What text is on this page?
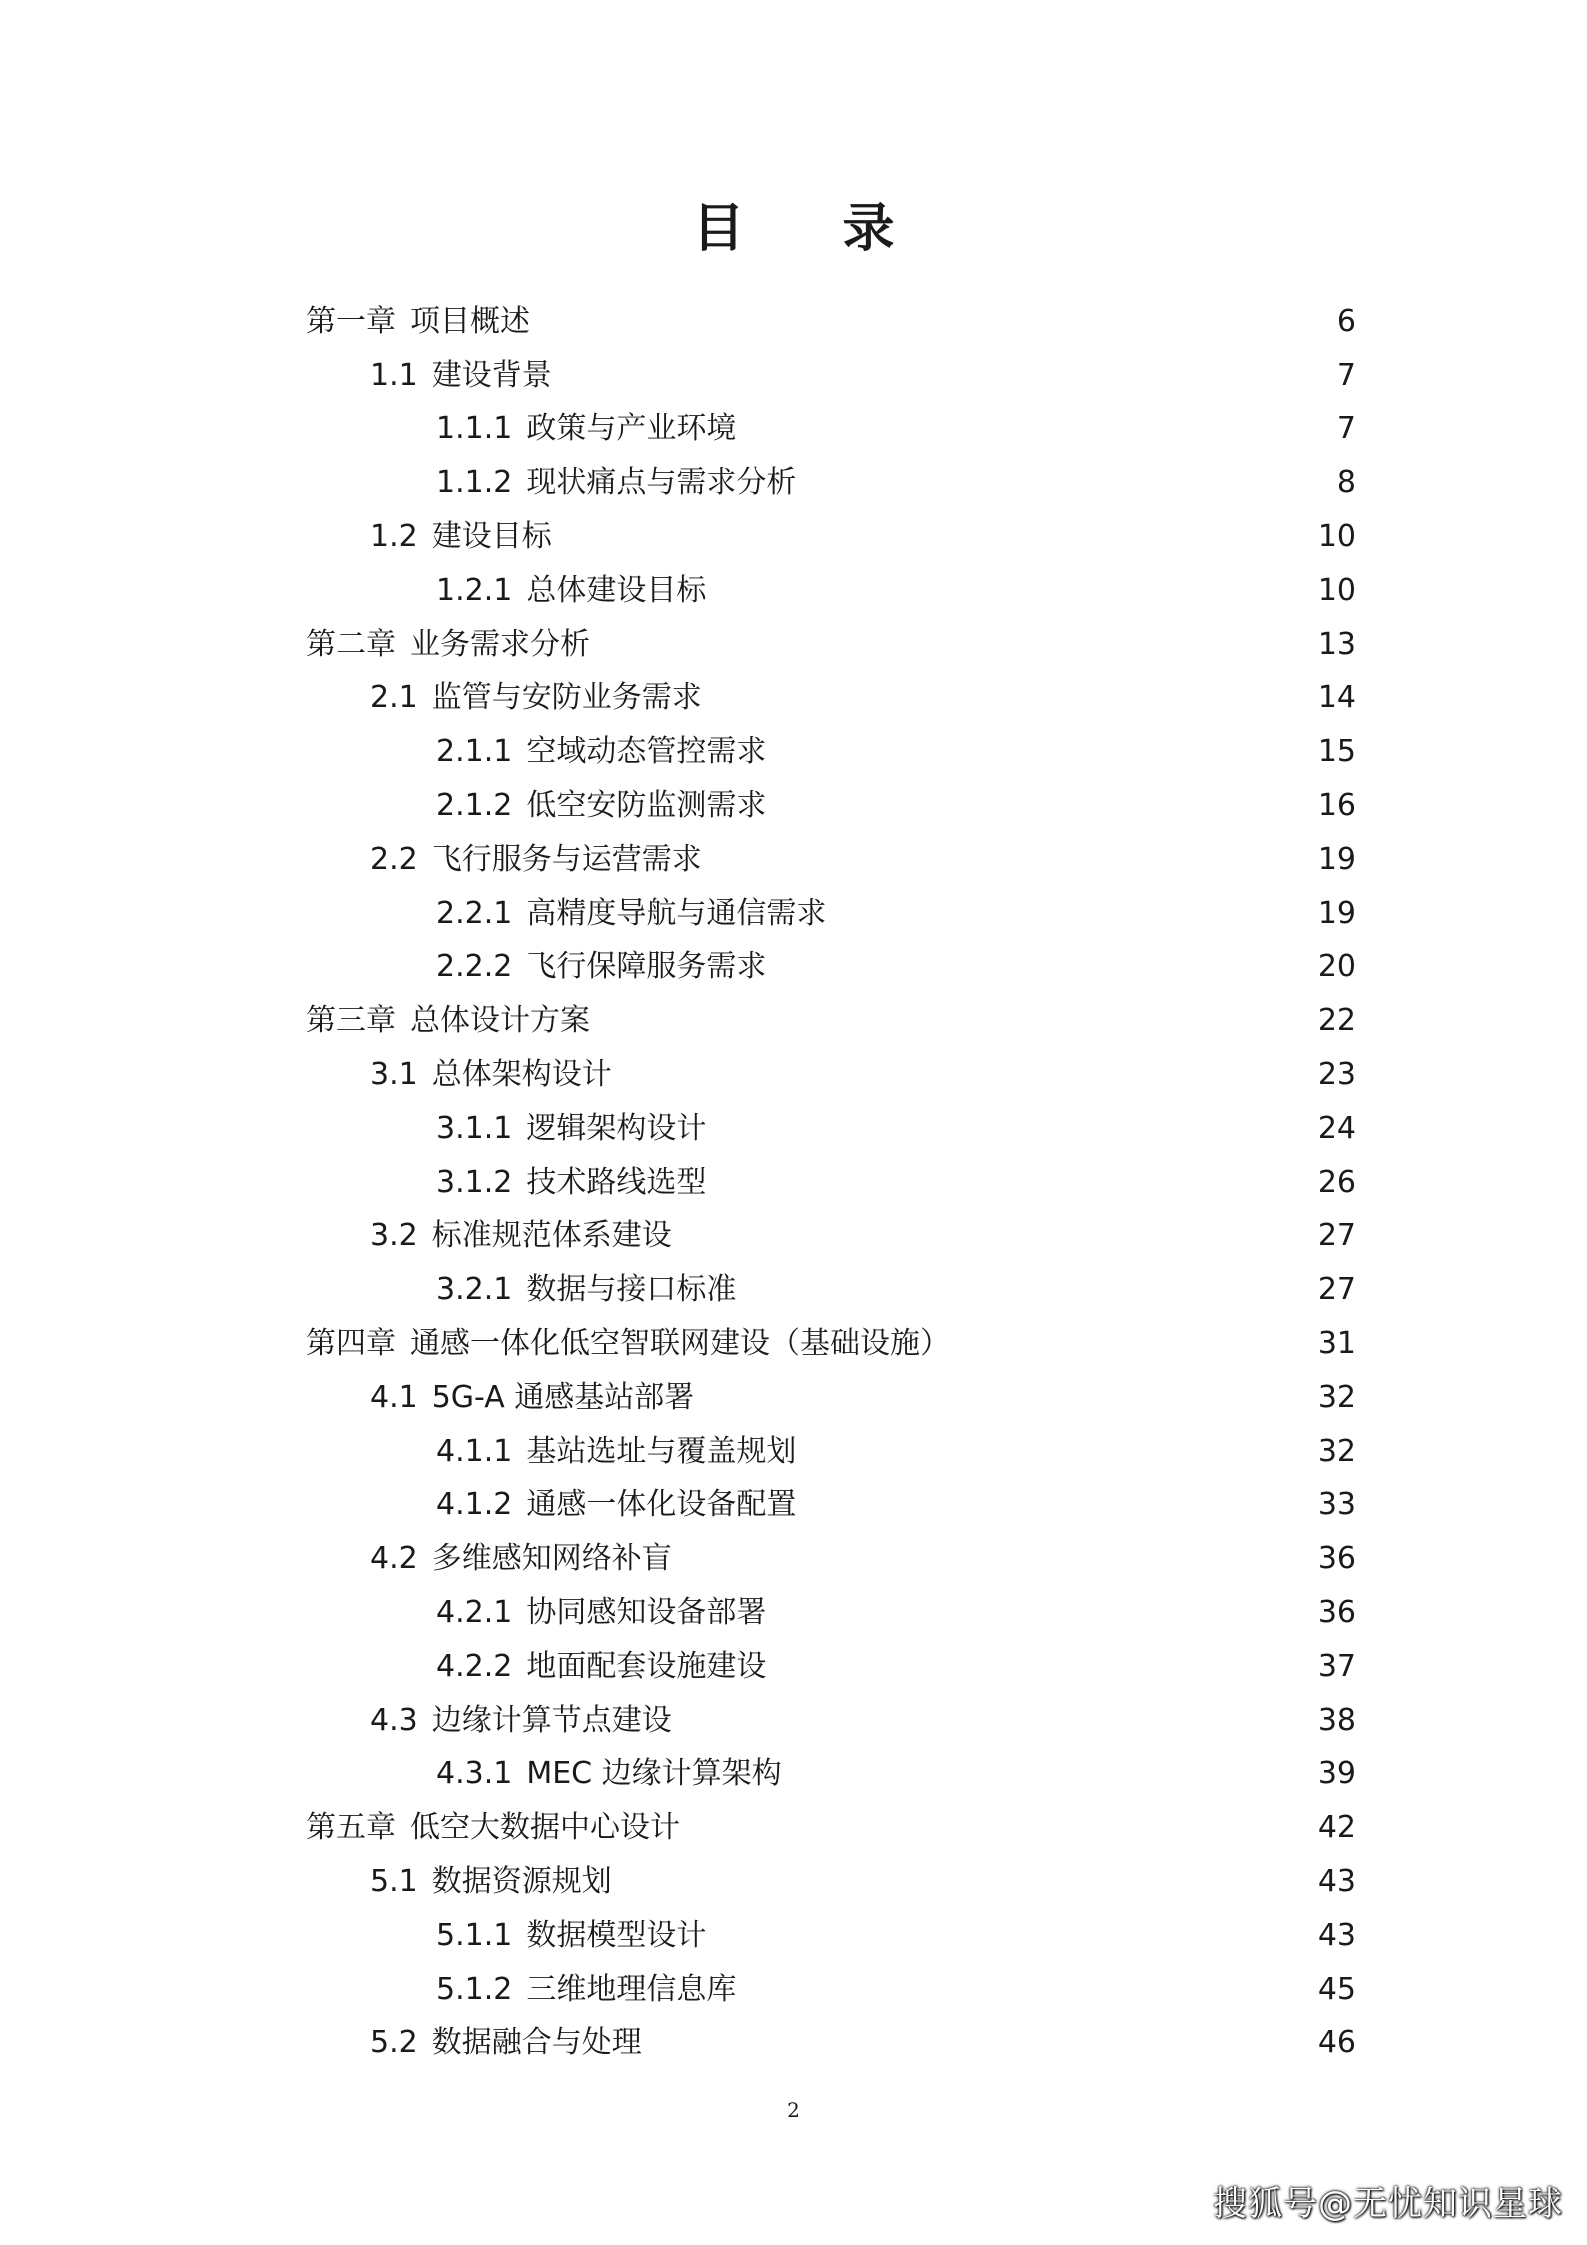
目 录
第一章 项目概述	6
1.1 建设背景	7
1.1.1 政策与产业环境	7
1.1.2 现状痛点与需求分析	8
1.2 建设目标	10
1.2.1 总体建设目标	10
第二章 业务需求分析	13
2.1 监管与安防业务需求	14
2.1.1 空域动态管控需求	15
2.1.2 低空安防监测需求	16
2.2 飞行服务与运营需求	19
2.2.1 高精度导航与通信需求	19
2.2.2 飞行保障服务需求	20
第三章 总体设计方案	22
3.1 总体架构设计	23
3.1.1 逻辑架构设计	24
3.1.2 技术路线选型	26
3.2 标准规范体系建设	27
3.2.1 数据与接口标准	27
第四章 通感一体化低空智联网建设（基础设施）	31
4.1 5G-A 通感基站部署	32
4.1.1 基站选址与覆盖规划	32
4.1.2 通感一体化设备配置	33
4.2 多维感知网络补盲	36
4.2.1 协同感知设备部署	36
4.2.2 地面配套设施建设	37
4.3 边缘计算节点建设	38
4.3.1 MEC 边缘计算架构	39
第五章 低空大数据中心设计	42
5.1 数据资源规划	43
5.1.1 数据模型设计	43
5.1.2 三维地理信息库	45
5.2 数据融合与处理	46
2
搜狐号@无忧知识星球
